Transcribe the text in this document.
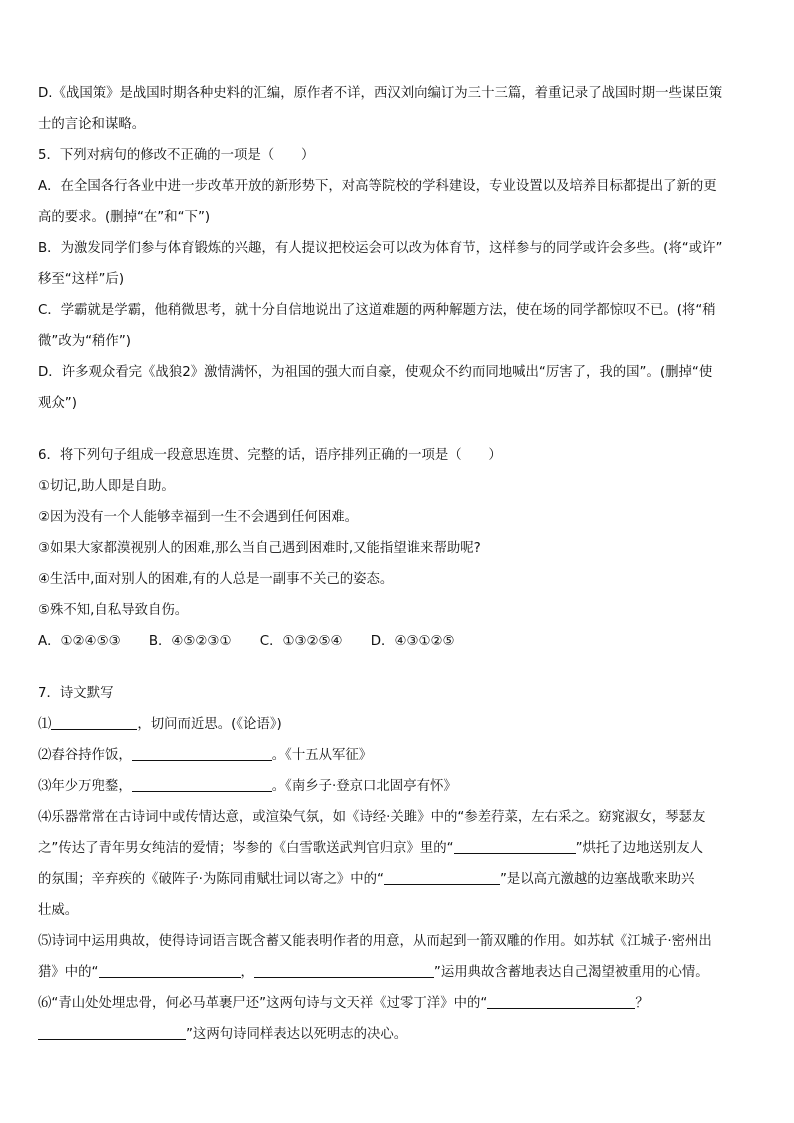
D.《战国策》是战国时期各种史料的汇编，原作者不详，西汉刘向编订为三十三篇，着重记录了战国时期一些谋臣策
士的言论和谋略。
5．下列对病句的修改不正确的一项是（　　）
A．在全国各行各业中进一步改革开放的新形势下，对高等院校的学科建设，专业设置以及培养目标都提出了新的更
高的要求。(删掉“在”和“下”)
B．为激发同学们参与体育锻炼的兴趣，有人提议把校运会可以改为体育节，这样参与的同学或许会多些。(将“或许”
移至“这样”后)
C．学霸就是学霸，他稍微思考，就十分自信地说出了这道难题的两种解题方法，使在场的同学都惊叹不已。(将“稍
微”改为“稍作”)
D．许多观众看完《战狼2》激情满怀，为祖国的强大而自豪，使观众不约而同地喊出“厉害了，我的国”。(删掉“使
观众”)
6．将下列句子组成一段意思连贯、完整的话，语序排列正确的一项是（　　）
①切记,助人即是自助。
②因为没有一个人能够幸福到一生不会遇到任何困难。
③如果大家都漠视别人的困难,那么当自己遇到困难时,又能指望谁来帮助呢?
④生活中,面对别人的困难,有的人总是一副事不关己的姿态。
⑤殊不知,自私导致自伤。
A．①②④⑤③ B．④⑤②③① C．①③②⑤④ D．④③①②⑤
7．诗文默写
⑴	，切问而近思。(《论语》)
⑵舂谷持作饭，	。《十五从军征》
⑶年少万兜鍪，	。《南乡子·登京口北固亭有怀》
⑷乐器常常在古诗词中或传情达意，或渲染气氛，如《诗经·关雎》中的“参差荇菜，左右采之。窈窕淑女，琴瑟友
之”传达了青年男女纯洁的爱情；岑参的《白雪歌送武判官归京》里的“	”烘托了边地送别友人
的氛围；辛弃疾的《破阵子·为陈同甫赋壮词以寄之》中的“	”是以高亢激越的边塞战歌来助兴
壮威。
⑸诗词中运用典故，使得诗词语言既含蓄又能表明作者的用意，从而起到一箭双雕的作用。如苏轼《江城子·密州出
猎》中的“	，	”运用典故含蓄地表达自己渴望被重用的心情。
⑹“青山处处埋忠骨，何必马革裹尸还”这两句诗与文天祥《过零丁洋》中的“	？
”这两句诗同样表达以死明志的决心。
